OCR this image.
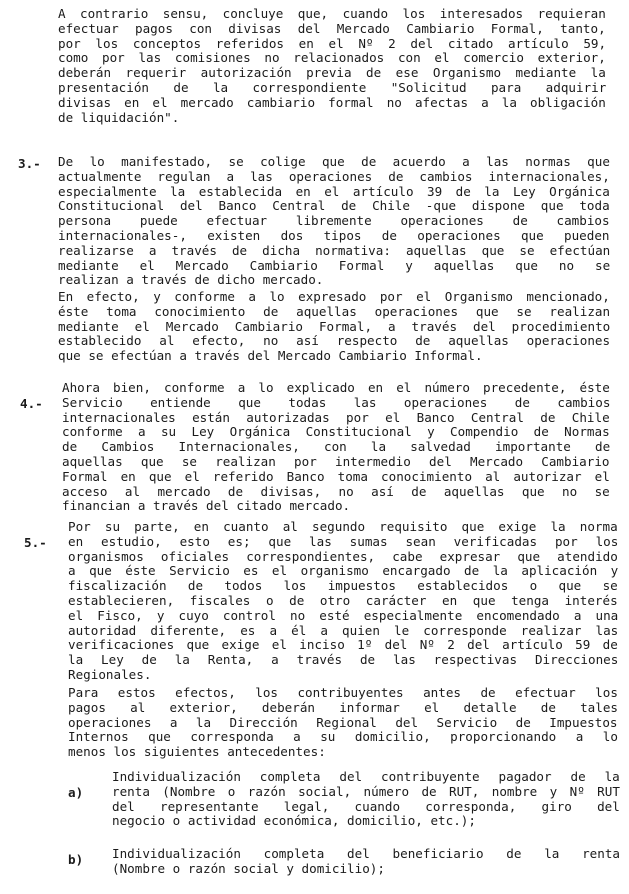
A contrario sensu, concluye que, cuando los interesados requieran
efectuar pagos con divisas del Mercado Cambiario Formal, tanto,
por los conceptos referidos en el Nº 2 del citado artículo 59,
como por las comisiones no relacionados con el comercio exterior,
deberán requerir autorización previa de ese Organismo mediante la
presentación de la correspondiente "Solicitud para adquirir
divisas en el mercado cambiario formal no afectas a la obligación
de liquidación".
3.- De lo manifestado, se colige que de acuerdo a las normas que
actualmente regulan a las operaciones de cambios internacionales,
especialmente la establecida en el artículo 39 de la Ley Orgánica
Constitucional del Banco Central de Chile -que dispone que toda
persona puede efectuar libremente operaciones de cambios
internacionales-, existen dos tipos de operaciones que pueden
realizarse a través de dicha normativa: aquellas que se efectúan
mediante el Mercado Cambiario Formal y aquellas que no se
realizan a través de dicho mercado.
En efecto, y conforme a lo expresado por el Organismo mencionado,
éste toma conocimiento de aquellas operaciones que se realizan
mediante el Mercado Cambiario Formal, a través del procedimiento
establecido al efecto, no así respecto de aquellas operaciones
que se efectúan a través del Mercado Cambiario Informal.
4.-
Ahora bien, conforme a lo explicado en el número precedente, éste
Servicio entiende que todas las operaciones de cambios
internacionales están autorizadas por el Banco Central de Chile
conforme a su Ley Orgánica Constitucional y Compendio de Normas
de Cambios Internacionales, con la salvedad importante de
aquellas que se realizan por intermedio del Mercado Cambiario
Formal en que el referido Banco toma conocimiento al autorizar el
acceso al mercado de divisas, no así de aquellas que no se
financian a través del citado mercado.
5.-
Por su parte, en cuanto al segundo requisito que exige la norma
en estudio, esto es; que las sumas sean verificadas por los
organismos oficiales correspondientes, cabe expresar que atendido
a que éste Servicio es el organismo encargado de la aplicación y
fiscalización de todos los impuestos establecidos o que se
establecieren, fiscales o de otro carácter en que tenga interés
el Fisco, y cuyo control no esté especialmente encomendado a una
autoridad diferente, es a él a quien le corresponde realizar las
verificaciones que exige el inciso 1º del Nº 2 del artículo 59 de
la Ley de la Renta, a través de las respectivas Direcciones
Regionales.
Para estos efectos, los contribuyentes antes de efectuar los
pagos al exterior, deberán informar el detalle de tales
operaciones a la Dirección Regional del Servicio de Impuestos
Internos que corresponda a su domicilio, proporcionando a lo
menos los siguientes antecedentes:
a)
Individualización completa del contribuyente pagador de la
renta (Nombre o razón social, número de RUT, nombre y Nº RUT
del representante legal, cuando corresponda, giro del
negocio o actividad económica, domicilio, etc.);
b) Individualización completa del beneficiario de la renta
(Nombre o razón social y domicilio);
